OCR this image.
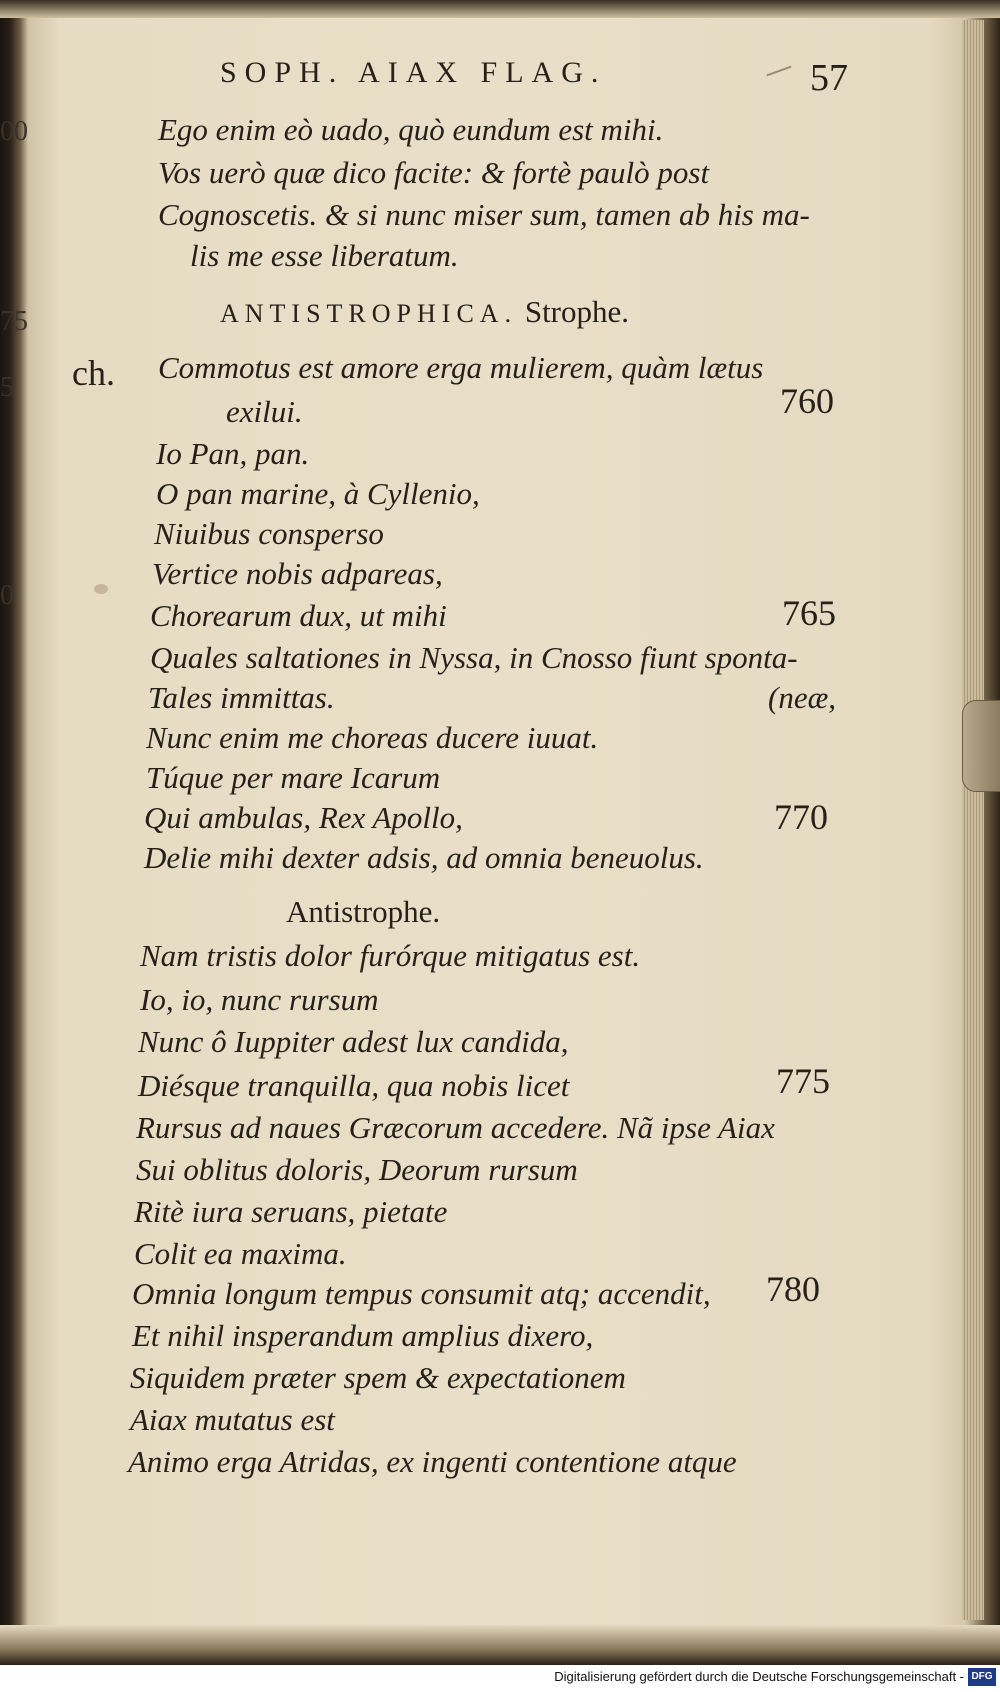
00
75
5
0
SOPH. AIAX FLAG.	57
Ego enim eò uado, quò eundum est mihi.
Vos uerò quæ dico facite: & fortè paulò post
Cognoscetis. & si nunc miser sum, tamen ab his ma-
lis me esse liberatum.
ANTISTROPHICA. Strophe.
ch. Commotus est amore erga mulierem, quàm lætus
exilui.	760
Io Pan, pan.
O pan marine, à Cyllenio,
Niuibus consperso
Vertice nobis adpareas,
Chorearum dux, ut mihi	765
Quales saltationes in Nyssa, in Cnosso fiunt sponta-
Tales immittas.	(neæ,
Nunc enim me choreas ducere iuuat.
Túque per mare Icarum
Qui ambulas, Rex Apollo,	770
Delie mihi dexter adsis, ad omnia beneuolus.
Antistrophe.
Nam tristis dolor furórque mitigatus est.
Io, io, nunc rursum
Nunc ô Iuppiter adest lux candida,
Diésque tranquilla, qua nobis licet	775
Rursus ad naues Græcorum accedere. Nã ipse Aiax
Sui oblitus doloris, Deorum rursum
Ritè iura seruans, pietate
Colit ea maxima.
Omnia longum tempus consumit atq; accendit, 780
Et nihil insperandum amplius dixero,
Siquidem præter spem & expectationem
Aiax mutatus est
Animo erga Atridas, ex ingenti contentione atque
Digitalisierung gefördert durch die Deutsche Forschungsgemeinschaft - DFG
